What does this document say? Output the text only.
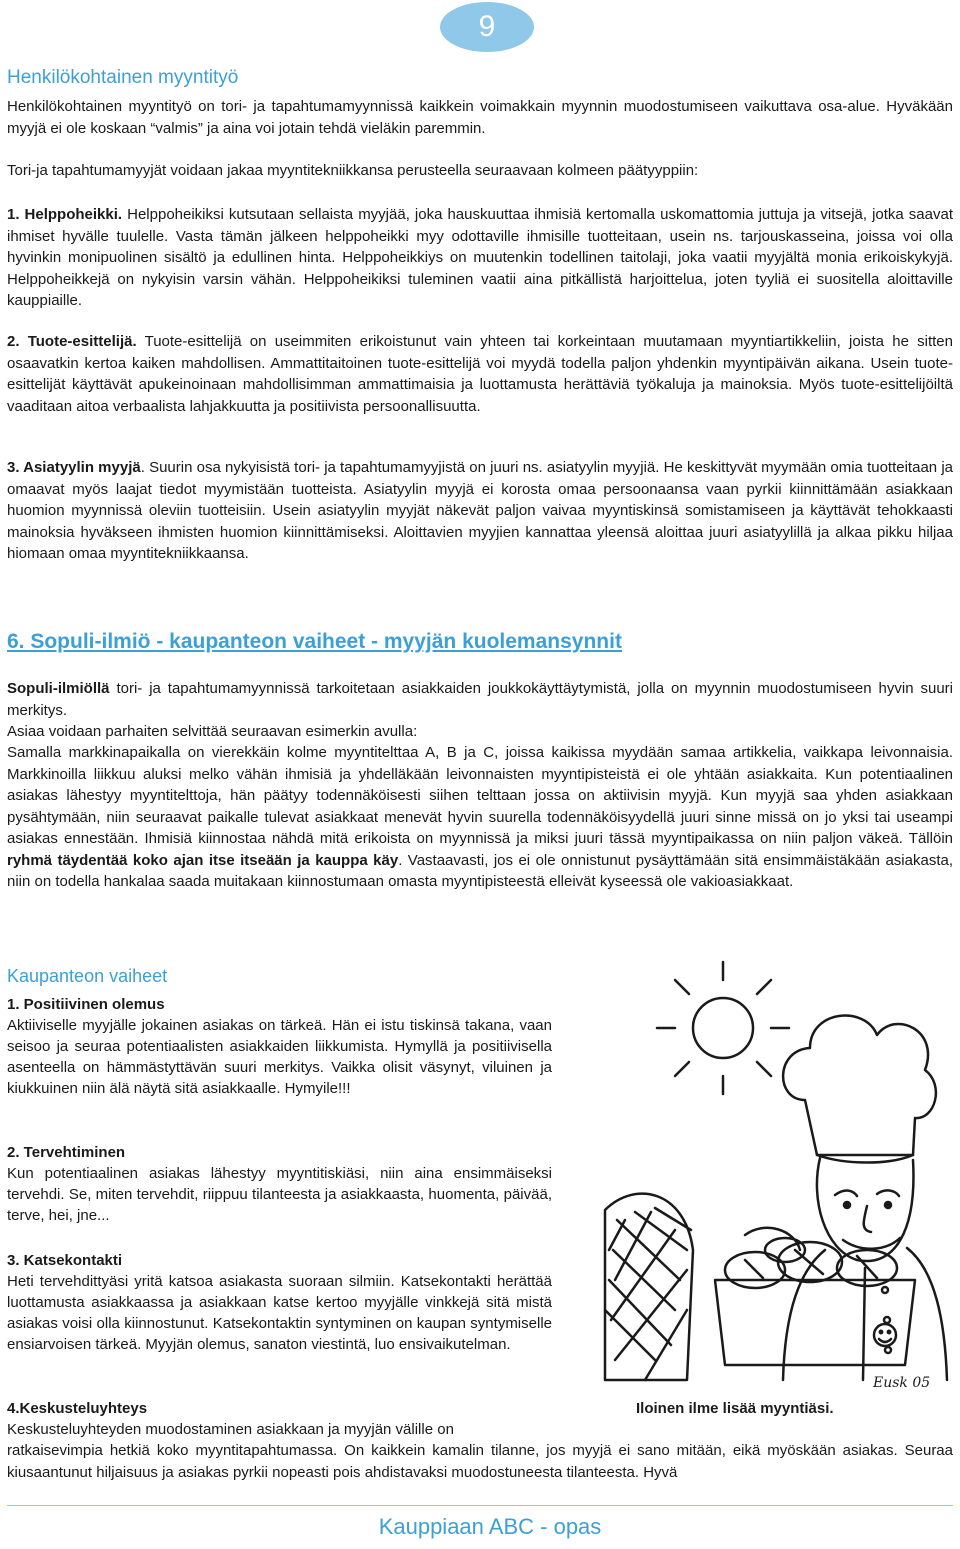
9
Henkilökohtainen myyntityö

Henkilökohtainen myyntityö on tori- ja tapahtumamyynnissä kaikkein voimakkain myynnin muodostumiseen vaikuttava osa-alue. Hyväkään myyjä ei ole koskaan “valmis” ja aina voi jotain tehdä vieläkin paremmin.

Tori-ja tapahtumamyyjät voidaan jakaa myyntitekniikkansa perusteella seuraavaan kolmeen päätyyppiin:

1. Helppoheikki. Helppoheikiksi kutsutaan sellaista myyjää, joka hauskuuttaa ihmisiä kertomalla uskomattomia juttuja ja vitsejä, jotka saavat ihmiset hyvälle tuulelle. Vasta tämän jälkeen helppoheikki myy odottaville ihmisille tuotteitaan, usein ns. tarjouskasseina, joissa voi olla hyvinkin monipuolinen sisältö ja edullinen hinta. Helppoheikkiys on muutenkin todellinen taitolaji, joka vaatii myyjältä monia erikoiskykyjä. Helppoheikkejä on nykyisin varsin vähän. Helppoheikiksi tuleminen vaatii aina pitkällistä harjoittelua, joten tyyliä ei suositella aloittaville kauppiaille.

2. Tuote-esittelijä. Tuote-esittelijä on useimmiten erikoistunut vain yhteen tai korkeintaan muutamaan myyntiartikkeliin, joista he sitten osaavatkin kertoa kaiken mahdollisen. Ammattitaitoinen tuote-esittelijä voi myydä todella paljon yhdenkin myyntipäivän aikana. Usein tuote-esittelijät käyttävät apukeinoinaan mahdollisimman ammattimaisia ja luottamusta herättäviä työkaluja ja mainoksia. Myös tuote-esittelijöiltä vaaditaan aitoa verbaalista lahjakkuutta ja positiivista persoonallisuutta.

3. Asiatyylin myyjä. Suurin osa nykyisistä tori- ja tapahtumamyyjistä on juuri ns. asiatyylin myyjiä. He keskittyvät myymään omia tuotteitaan ja omaavat myös laajat tiedot myymistään tuotteista. Asiatyylin myyjä ei korosta omaa persoonaansa vaan pyrkii kiinnittämään asiakkaan huomion myynnissä oleviin tuotteisiin. Usein asiatyylin myyjät näkevät paljon vaivaa myyntiskinsä somistamiseen ja käyttävät tehokkaasti mainoksia hyväkseen ihmisten huomion kiinnittämiseksi. Aloittavien myyjien kannattaa yleensä aloittaa juuri asiatyylillä ja alkaa pikku hiljaa hiomaan omaa myyntitekniikkaansa.

6. Sopuli-ilmiö - kaupanteon vaiheet - myyjän kuolemansynnit

Sopuli-ilmiöllä tori- ja tapahtumamyynnissä tarkoitetaan asiakkaiden joukkokäyttäytymistä, jolla on myynnin muodostumiseen hyvin suuri merkitys.

Asiaa voidaan parhaiten selvittää seuraavan esimerkin avulla:

Samalla markkinapaikalla on vierekkäin kolme myyntitelttaa A, B ja C, joissa kaikissa myydään samaa artikkelia, vaikkapa leivonnaisia. Markkinoilla liikkuu aluksi melko vähän ihmisiä ja yhdelläkään leivonnaisten myyntipisteistä ei ole yhtään asiakkaita. Kun potentiaalinen asiakas lähestyy myyntitelttoja, hän päätyy todennäköisesti siihen telttaan jossa on aktiivisin myyjä. Kun myyjä saa yhden asiakkaan pysähtymään, niin seuraavat paikalle tulevat asiakkaat menevät hyvin suurella todennäköisyydellä juuri sinne missä on jo yksi tai useampi asiakas ennestään. Ihmisiä kiinnostaa nähdä mitä erikoista on myynnissä ja miksi juuri tässä myyntipaikassa on niin paljon väkeä. Tällöin ryhmä täydentää koko ajan itse itseään ja kauppa käy. Vastaavasti, jos ei ole onnistunut pysäyttämään sitä ensimmäistäkään asiakasta, niin on todella hankalaa saada muitakaan kiinnostumaan omasta myyntipisteestä elleivät kyseessä ole vakioasiakkaat.

Kaupanteon vaiheet

1. Positiivinen olemus
Aktiiviselle myyjälle jokainen asiakas on tärkeä. Hän ei istu tiskinsä takana, vaan seisoo ja seuraa potentiaalisten asiakkaiden liikkumista. Hymyllä ja positiivisella asenteella on hämmästyttävän suuri merkitys. Vaikka olisit väsynyt, viluinen ja kiukkuinen niin älä näytä sitä asiakkaalle. Hymyile!!!

2. Tervehtiminen
Kun potentiaalinen asiakas lähestyy myyntitiskiäsi, niin aina ensimmäiseksi tervehdi. Se, miten tervehdit, riippuu tilanteesta ja asiakkaasta, huomenta, päivää, terve, hei, jne...

3. Katsekontakti
Heti tervehdittyäsi yritä katsoa asiakasta suoraan silmiin. Katsekontakti herättää luottamusta asiakkaassa ja asiakkaan katse kertoo myyjälle vinkkejä sitä mistä asiakas voisi olla kiinnostunut. Katsekontaktin syntyminen on kaupan syntymiselle ensiarvoisen tärkeä. Myyjän olemus, sanaton viestintä, luo ensivaikutelman.

4.Keskusteluyhteys
Keskusteluyhteyden muodostaminen asiakkaan ja myyjän välille on

ratkaisevimpia hetkiä koko myyntitapahtumassa. On kaikkein kamalin tilanne, jos myyjä ei sano mitään, eikä myöskään asiakas. Seuraa kiusaantunut hiljaisuus ja asiakas pyrkii nopeasti pois ahdistavaksi muodostuneesta tilanteesta. Hyvä

Eusk 05
Iloinen ilme lisää myyntiäsi.
Kauppiaan ABC - opas
